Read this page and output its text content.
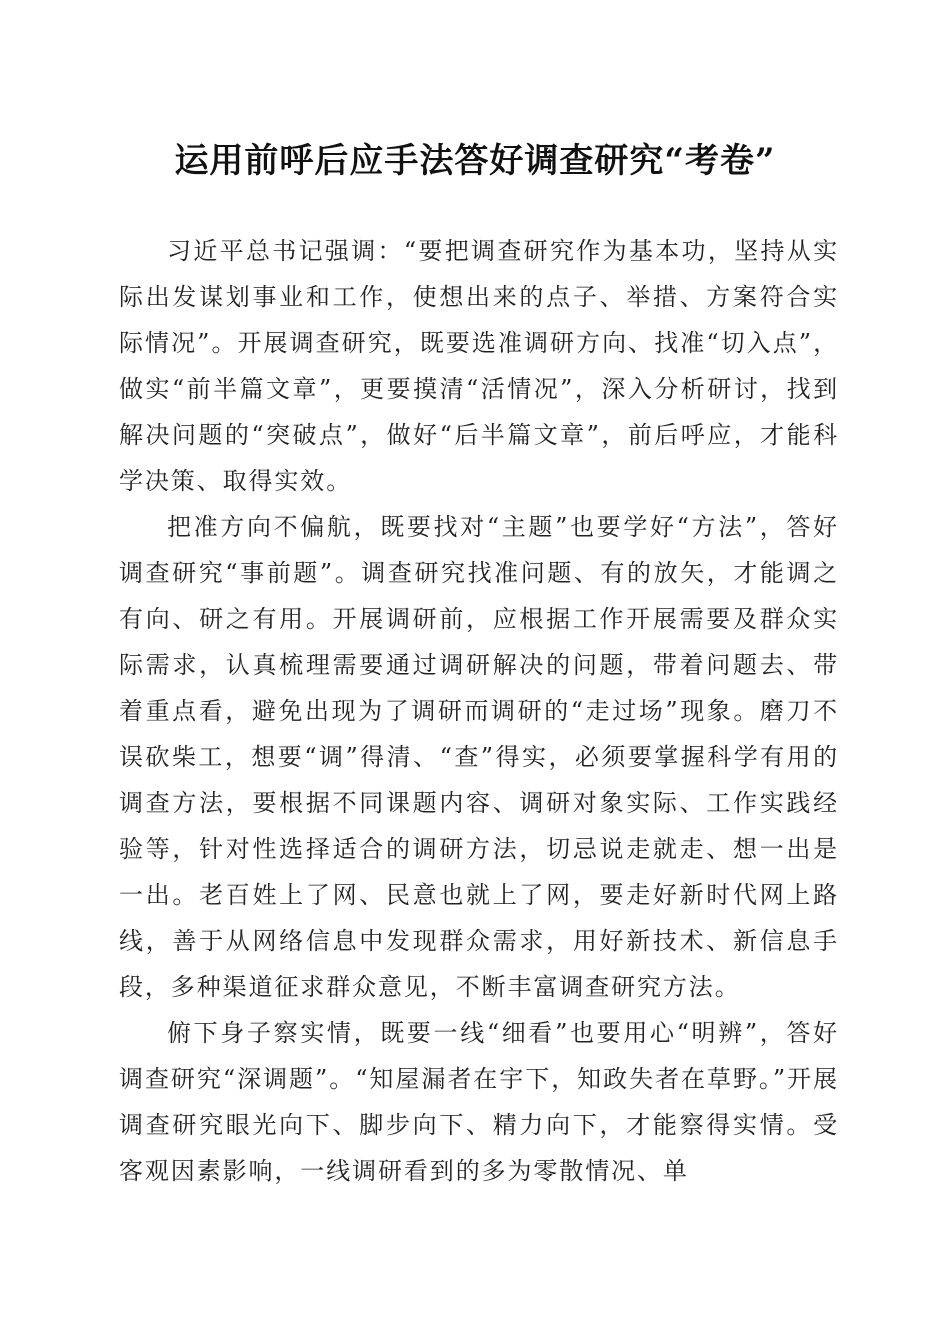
运用前呼后应手法答好调查研究“考卷”

习近平总书记强调：“要把调查研究作为基本功，坚持从实际出发谋划事业和工作，使想出来的点子、举措、方案符合实际情况”。开展调查研究，既要选准调研方向、找准“切入点”，做实“前半篇文章”，更要摸清“活情况”，深入分析研讨，找到解决问题的“突破点”，做好“后半篇文章”，前后呼应，才能科学决策、取得实效。

把准方向不偏航，既要找对“主题”也要学好“方法”，答好调查研究“事前题”。调查研究找准问题、有的放矢，才能调之有向、研之有用。开展调研前，应根据工作开展需要及群众实际需求，认真梳理需要通过调研解决的问题，带着问题去、带着重点看，避免出现为了调研而调研的“走过场”现象。磨刀不误砍柴工，想要“调”得清、“查”得实，必须要掌握科学有用的调查方法，要根据不同课题内容、调研对象实际、工作实践经验等，针对性选择适合的调研方法，切忌说走就走、想一出是一出。老百姓上了网、民意也就上了网，要走好新时代网上路线，善于从网络信息中发现群众需求，用好新技术、新信息手段，多种渠道征求群众意见，不断丰富调查研究方法。

俯下身子察实情，既要一线“细看”也要用心“明辨”，答好调查研究“深调题”。“知屋漏者在宇下，知政失者在草野。”开展调查研究眼光向下、脚步向下、精力向下，才能察得实情。受客观因素影响，一线调研看到的多为零散情况、单
